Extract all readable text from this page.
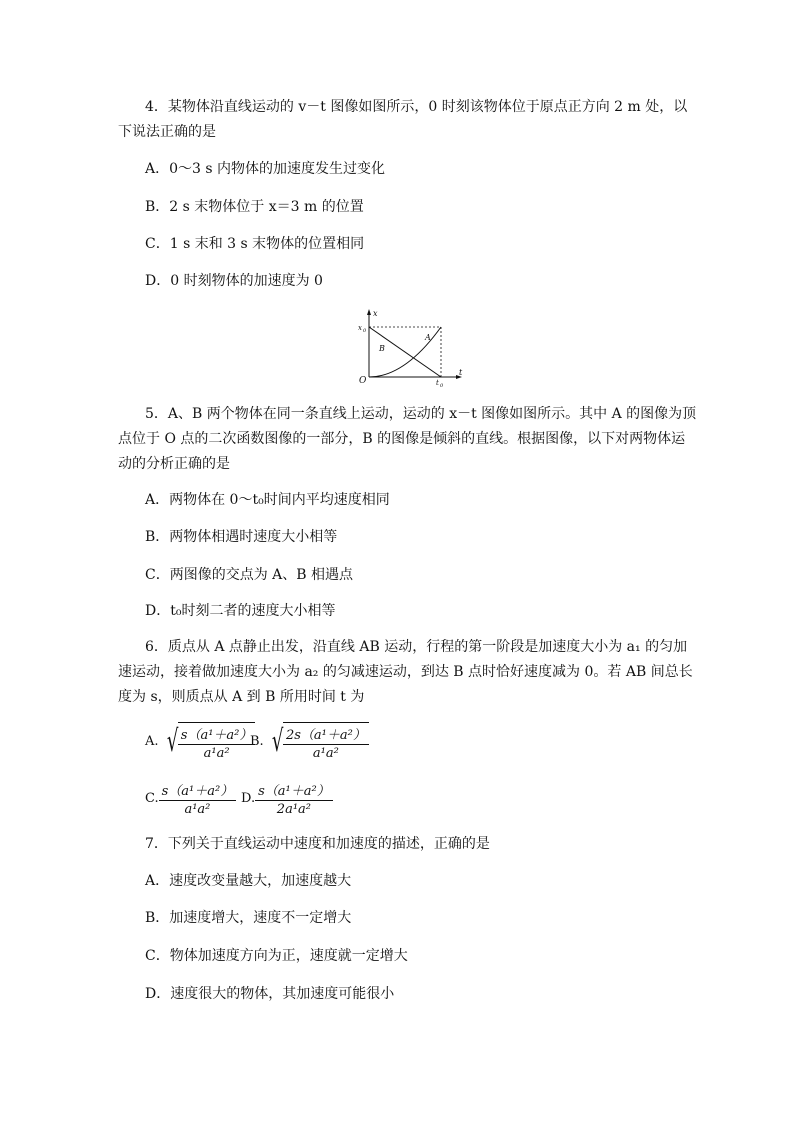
4．某物体沿直线运动的 v－t 图像如图所示，0 时刻该物体位于原点正方向 2 m 处，以
下说法正确的是
A．0～3 s 内物体的加速度发生过变化
B．2 s 末物体位于 x＝3 m 的位置
C．1 s 末和 3 s 末物体的位置相同
D．0 时刻物体的加速度为 0
x
t
O
x 0
t 0
A
B
5．A、B 两个物体在同一条直线上运动，运动的 x－t 图像如图所示。其中 A 的图像为顶
点位于 O 点的二次函数图像的一部分，B 的图像是倾斜的直线。根据图像，以下对两物体运
动的分析正确的是
A．两物体在 0～t₀时间内平均速度相同
B．两物体相遇时速度大小相等
C．两图像的交点为 A、B 相遇点
D．t₀时刻二者的速度大小相等
6．质点从 A 点静止出发，沿直线 AB 运动，行程的第一阶段是加速度大小为 a₁ 的匀加
速运动，接着做加速度大小为 a₂ 的匀减速运动，到达 B 点时恰好速度减为 0。若 AB 间总长
度为 s，则质点从 A 到 B 所用时间 t 为
A. √ $\frac{\text{s（a¹＋a²）}}{\text{a¹a²}}$
B. √ $\frac{\text{2s（a¹＋a²）}}{\text{a¹a²}}$
C. $\frac{\text{s（a¹＋a²）}}{\text{a¹a²}} D$. $\frac{\text{s（a¹＋a²）}}{\text{2a¹a²}}$
7．下列关于直线运动中速度和加速度的描述，正确的是
A．速度改变量越大，加速度越大
B．加速度增大，速度不一定增大
C．物体加速度方向为正，速度就一定增大
D．速度很大的物体，其加速度可能很小
